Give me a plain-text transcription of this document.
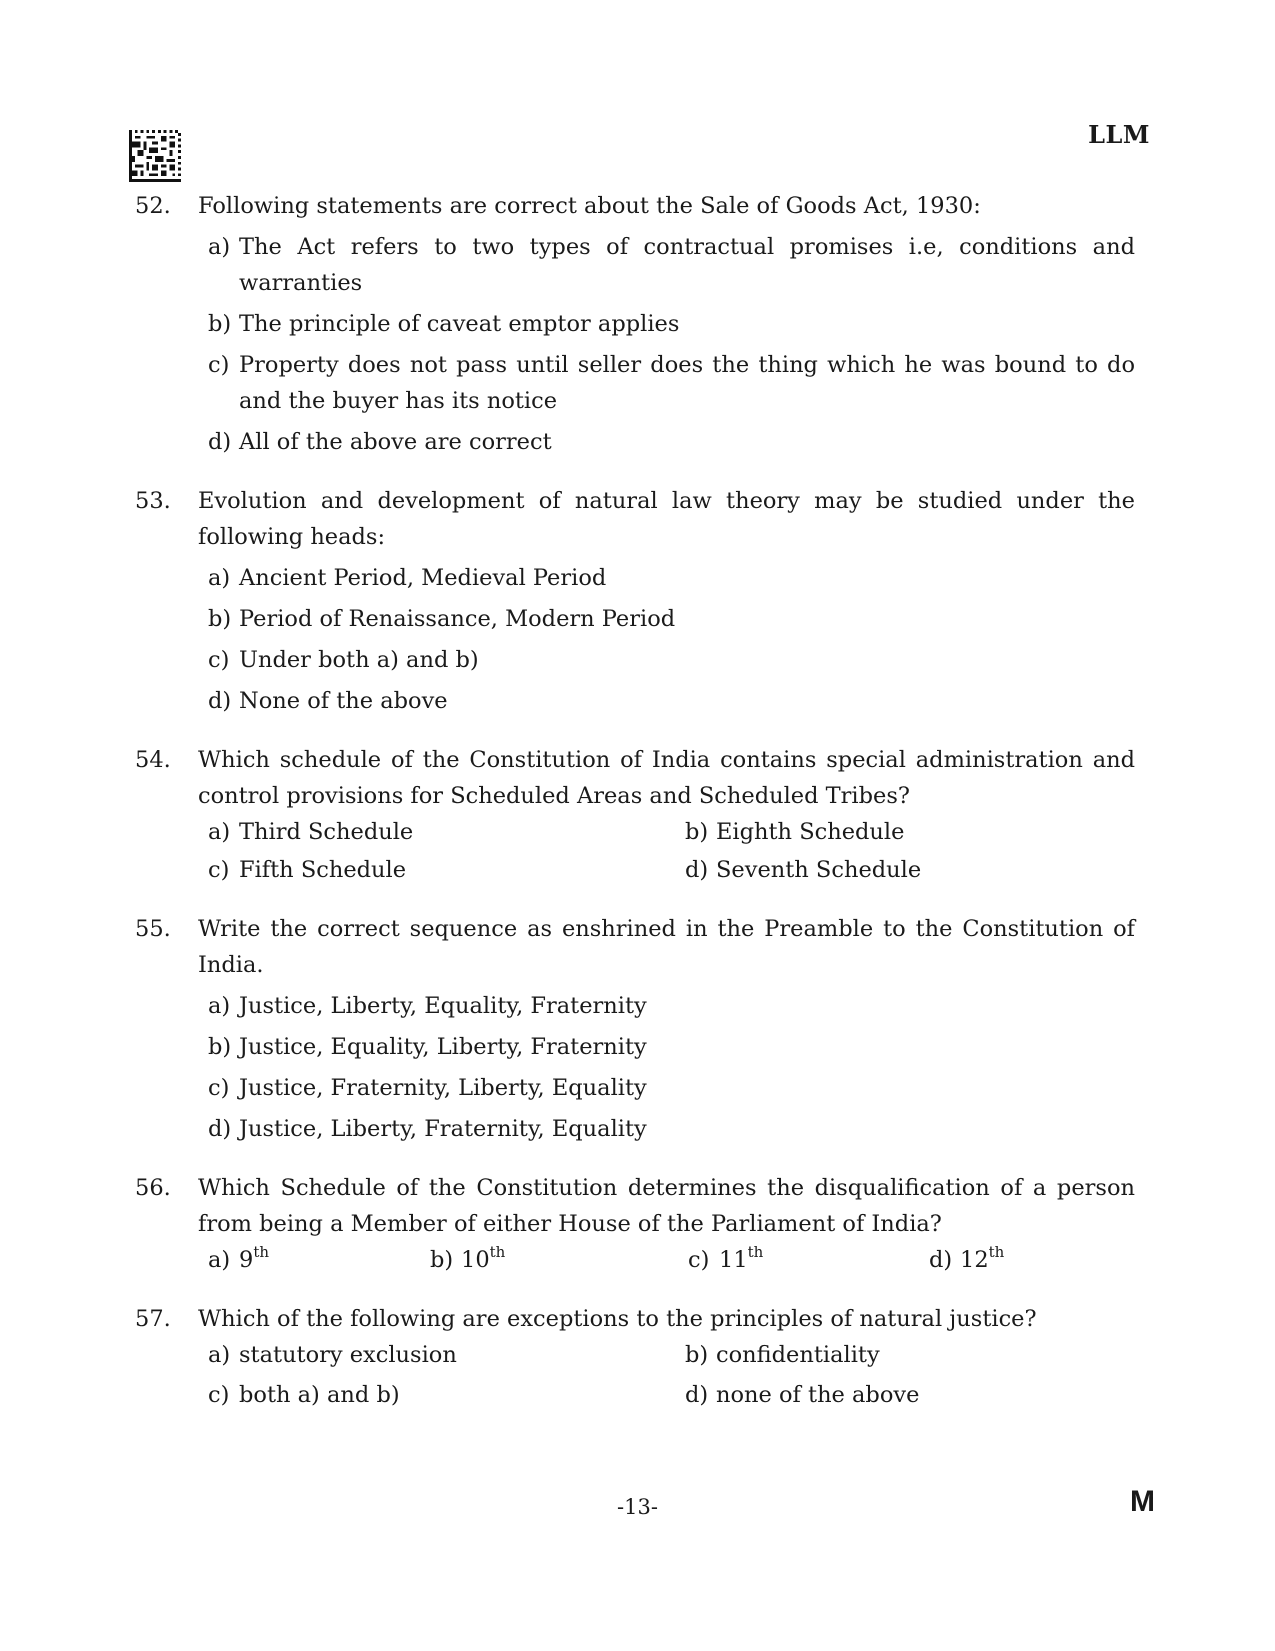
LLM
52.	Following statements are correct about the Sale of Goods Act, 1930:
a) The Act refers to two types of contractual promises i.e, conditions and warranties
b) The principle of caveat emptor applies
c) Property does not pass until seller does the thing which he was bound to do and the buyer has its notice
d) All of the above are correct
53.	Evolution and development of natural law theory may be studied under the following heads:
a) Ancient Period, Medieval Period
b) Period of Renaissance, Modern Period
c) Under both a) and b)
d) None of the above
54.	Which schedule of the Constitution of India contains special administration and control provisions for Scheduled Areas and Scheduled Tribes?
a) Third Schedule	b) Eighth Schedule
c) Fifth Schedule	d) Seventh Schedule
55.	Write the correct sequence as enshrined in the Preamble to the Constitution of India.
a) Justice, Liberty, Equality, Fraternity
b) Justice, Equality, Liberty, Fraternity
c) Justice, Fraternity, Liberty, Equality
d) Justice, Liberty, Fraternity, Equality
56.	Which Schedule of the Constitution determines the disqualification of a person from being a Member of either House of the Parliament of India?
a) 9th	b) 10th	c) 11th	d) 12th
57.	Which of the following are exceptions to the principles of natural justice?
a) statutory exclusion	b) confidentiality
c) both a) and b)	d) none of the above
-13-	M
